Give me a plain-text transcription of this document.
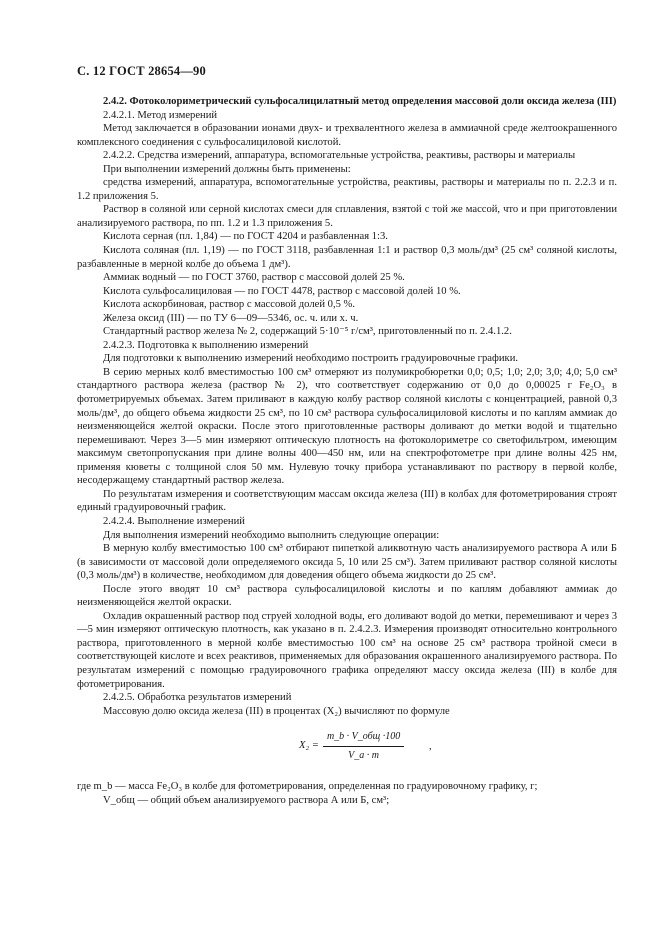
С. 12 ГОСТ 28654—90

2.4.2. Фотоколориметрический сульфосалицилатный метод определения массовой доли оксида железа (III)

2.4.2.1. Метод измерений

Метод заключается в образовании ионами двух- и трехвалентного железа в аммиачной среде желтоокрашенного комплексного соединения с сульфосалициловой кислотой.

2.4.2.2. Средства измерений, аппаратура, вспомогательные устройства, реактивы, растворы и материалы

При выполнении измерений должны быть применены:

средства измерений, аппаратура, вспомогательные устройства, реактивы, растворы и материалы по п. 2.2.3 и п. 1.2 приложения 5.

Раствор в соляной или серной кислотах смеси для сплавления, взятой с той же массой, что и при приготовлении анализируемого раствора, по пп. 1.2 и 1.3 приложения 5.

Кислота серная (пл. 1,84) — по ГОСТ 4204 и разбавленная 1:3.

Кислота соляная (пл. 1,19) — по ГОСТ 3118, разбавленная 1:1 и раствор 0,3 моль/дм³ (25 см³ соляной кислоты, разбавленные в мерной колбе до объема 1 дм³).

Аммиак водный — по ГОСТ 3760, раствор с массовой долей 25 %.

Кислота сульфосалициловая — по ГОСТ 4478, раствор с массовой долей 10 %.

Кислота аскорбиновая, раствор с массовой долей 0,5 %.

Железа оксид (III) — по ТУ 6—09—5346, ос. ч. или х. ч.

Стандартный раствор железа № 2, содержащий 5·10⁻⁵ г/см³, приготовленный по п. 2.4.1.2.

2.4.2.3. Подготовка к выполнению измерений

Для подготовки к выполнению измерений необходимо построить градуировочные графики.

В серию мерных колб вместимостью 100 см³ отмеряют из полумикробюретки 0,0; 0,5; 1,0; 2,0; 3,0; 4,0; 5,0 см³ стандартного раствора железа (раствор № 2), что соответствует содержанию от 0,0 до 0,00025 г Fe₂O₃ в фотометрируемых объемах. Затем приливают в каждую колбу раствор соляной кислоты с концентрацией, равной 0,3 моль/дм³, до общего объема жидкости 25 см³, по 10 см³ раствора сульфосалициловой кислоты и по каплям аммиак до неизменяющейся желтой окраски. После этого приготовленные растворы доливают до метки водой и тщательно перемешивают. Через 3—5 мин измеряют оптическую плотность на фотоколориметре со светофильтром, имеющим максимум светопропускания при длине волны 400—450 нм, или на спектрофотометре при длине волны 425 нм, применяя кюветы с толщиной слоя 50 мм. Нулевую точку прибора устанавливают по раствору в первой колбе, несодержащему стандартный раствор железа.

По результатам измерения и соответствующим массам оксида железа (III) в колбах для фотометрирования строят единый градуировочный график.

2.4.2.4. Выполнение измерений

Для выполнения измерений необходимо выполнить следующие операции:

В мерную колбу вместимостью 100 см³ отбирают пипеткой аликвотную часть анализируемого раствора А или Б (в зависимости от массовой доли определяемого оксида 5, 10 или 25 см³). Затем приливают раствор соляной кислоты (0,3 моль/дм³) в количестве, необходимом для доведения общего объема жидкости до 25 см³.

После этого вводят 10 см³ раствора сульфосалициловой кислоты и по каплям добавляют аммиак до неизменяющейся желтой окраски.

Охладив окрашенный раствор под струей холодной воды, его доливают водой до метки, перемешивают и через 3—5 мин измеряют оптическую плотность, как указано в п. 2.4.2.3. Измерения производят относительно контрольного раствора, приготовленного в мерной колбе вместимостью 100 см³ на основе 25 см³ раствора тройной смеси в соответствующей кислоте и всех реактивов, применяемых для образования окрашенного анализируемого раствора. По результатам измерений с помощью градуировочного графика определяют массу оксида железа (III) в колбе для фотометрирования.

2.4.2.5. Обработка результатов измерений

Массовую долю оксида железа (III) в процентах (X₂) вычисляют по формуле

$X_2 = \frac{\text{m\_b · V\_общ ·100}}{V\_a \cdot m}$ ,

где m_b — масса Fe₂O₃ в колбе для фотометрирования, определенная по градуировочному графику, г;

V_общ — общий объем анализируемого раствора А или Б, см³;
